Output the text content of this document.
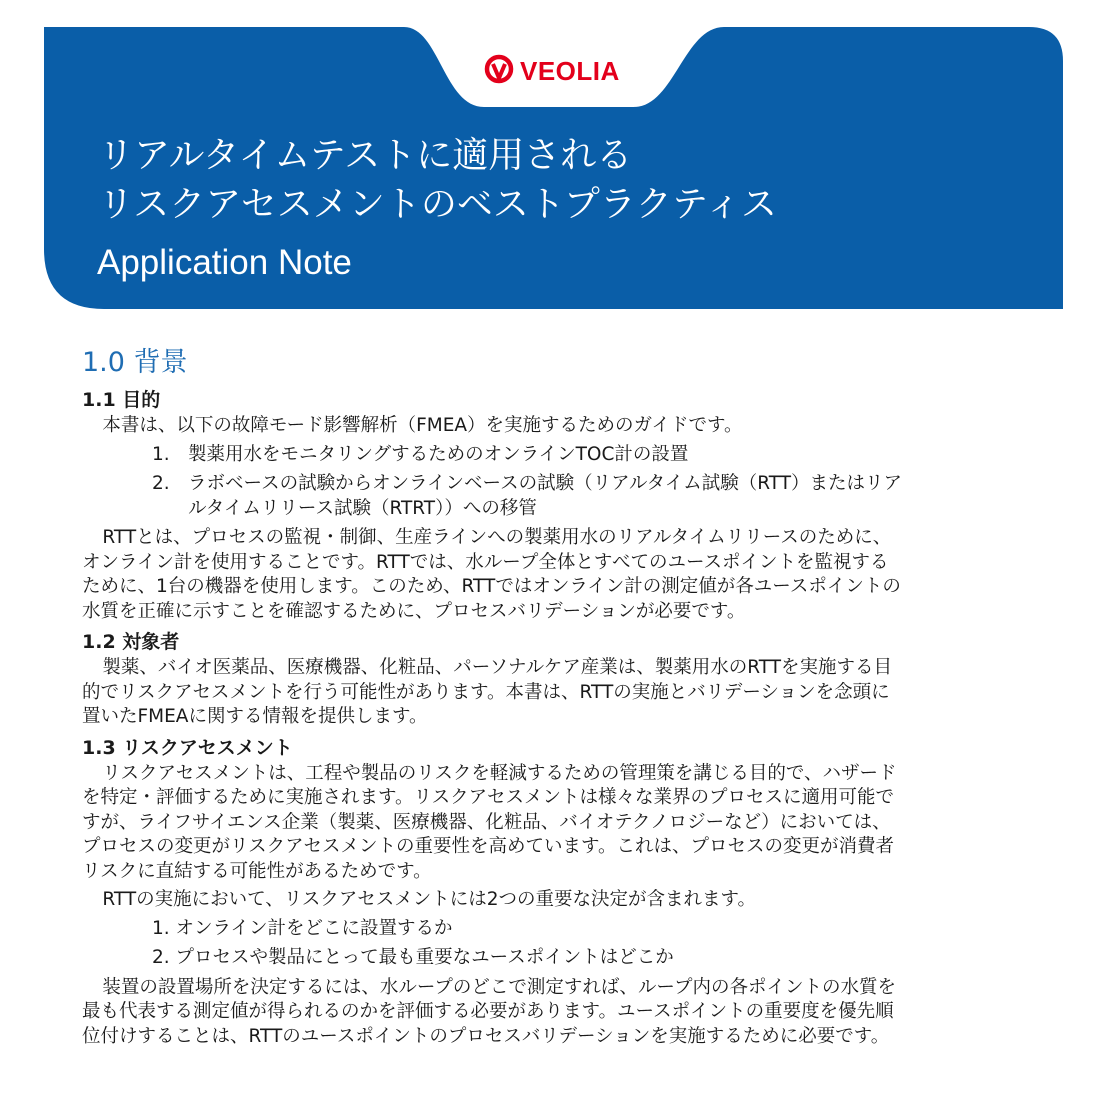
VEOLIA
リアルタイムテストに適用される
リスクアセスメントのベストプラクティス
Application Note
1.0 背景
1.1 目的
本書は、以下の故障モード影響解析（FMEA）を実施するためのガイドです。
1. 製薬用水をモニタリングするためのオンラインTOC計の設置
2. ラボベースの試験からオンラインベースの試験（リアルタイム試験（RTT）またはリア
ルタイムリリース試験（RTRT））への移管
RTTとは、プロセスの監視・制御、生産ラインへの製薬用水のリアルタイムリリースのために、
オンライン計を使用することです。RTTでは、水ループ全体とすべてのユースポイントを監視する
ために、1台の機器を使用します。このため、RTTではオンライン計の測定値が各ユースポイントの
水質を正確に示すことを確認するために、プロセスバリデーションが必要です。
1.2 対象者
製薬、バイオ医薬品、医療機器、化粧品、パーソナルケア産業は、製薬用水のRTTを実施する目
的でリスクアセスメントを行う可能性があります。本書は、RTTの実施とバリデーションを念頭に
置いたFMEAに関する情報を提供します。
1.3 リスクアセスメント
リスクアセスメントは、工程や製品のリスクを軽減するための管理策を講じる目的で、ハザード
を特定・評価するために実施されます。リスクアセスメントは様々な業界のプロセスに適用可能で
すが、ライフサイエンス企業（製薬、医療機器、化粧品、バイオテクノロジーなど）においては、
プロセスの変更がリスクアセスメントの重要性を高めています。これは、プロセスの変更が消費者
リスクに直結する可能性があるためです。
RTTの実施において、リスクアセスメントには2つの重要な決定が含まれます。
1. オンライン計をどこに設置するか
2. プロセスや製品にとって最も重要なユースポイントはどこか
装置の設置場所を決定するには、水ループのどこで測定すれば、ループ内の各ポイントの水質を
最も代表する測定値が得られるのかを評価する必要があります。ユースポイントの重要度を優先順
位付けすることは、RTTのユースポイントのプロセスバリデーションを実施するために必要です。
